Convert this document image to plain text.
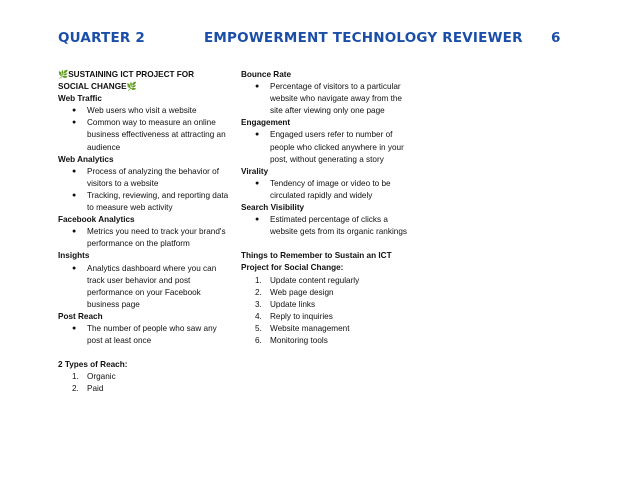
QUARTER 2	EMPOWERMENT TECHNOLOGY REVIEWER 6
🌿SUSTAINING ICT PROJECT FOR
SOCIAL CHANGE🌿
Web Traffic
● Web users who visit a website
● Common way to measure an online business effectiveness at attracting an audience
Web Analytics
● Process of analyzing the behavior of visitors to a website
● Tracking, reviewing, and reporting data to measure web activity
Facebook Analytics
● Metrics you need to track your brand's performance on the platform
Insights
● Analytics dashboard where you can track user behavior and post performance on your Facebook business page
Post Reach
● The number of people who saw any post at least once
2 Types of Reach:
1. Organic
2. Paid
Bounce Rate
● Percentage of visitors to a particular website who navigate away from the site after viewing only one page
Engagement
● Engaged users refer to number of people who clicked anywhere in your post, without generating a story
Virality
● Tendency of image or video to be circulated rapidly and widely
Search Visibility
● Estimated percentage of clicks a website gets from its organic rankings
Things to Remember to Sustain an ICT Project for Social Change:
1. Update content regularly
2. Web page design
3. Update links
4. Reply to inquiries
5. Website management
6. Monitoring tools
